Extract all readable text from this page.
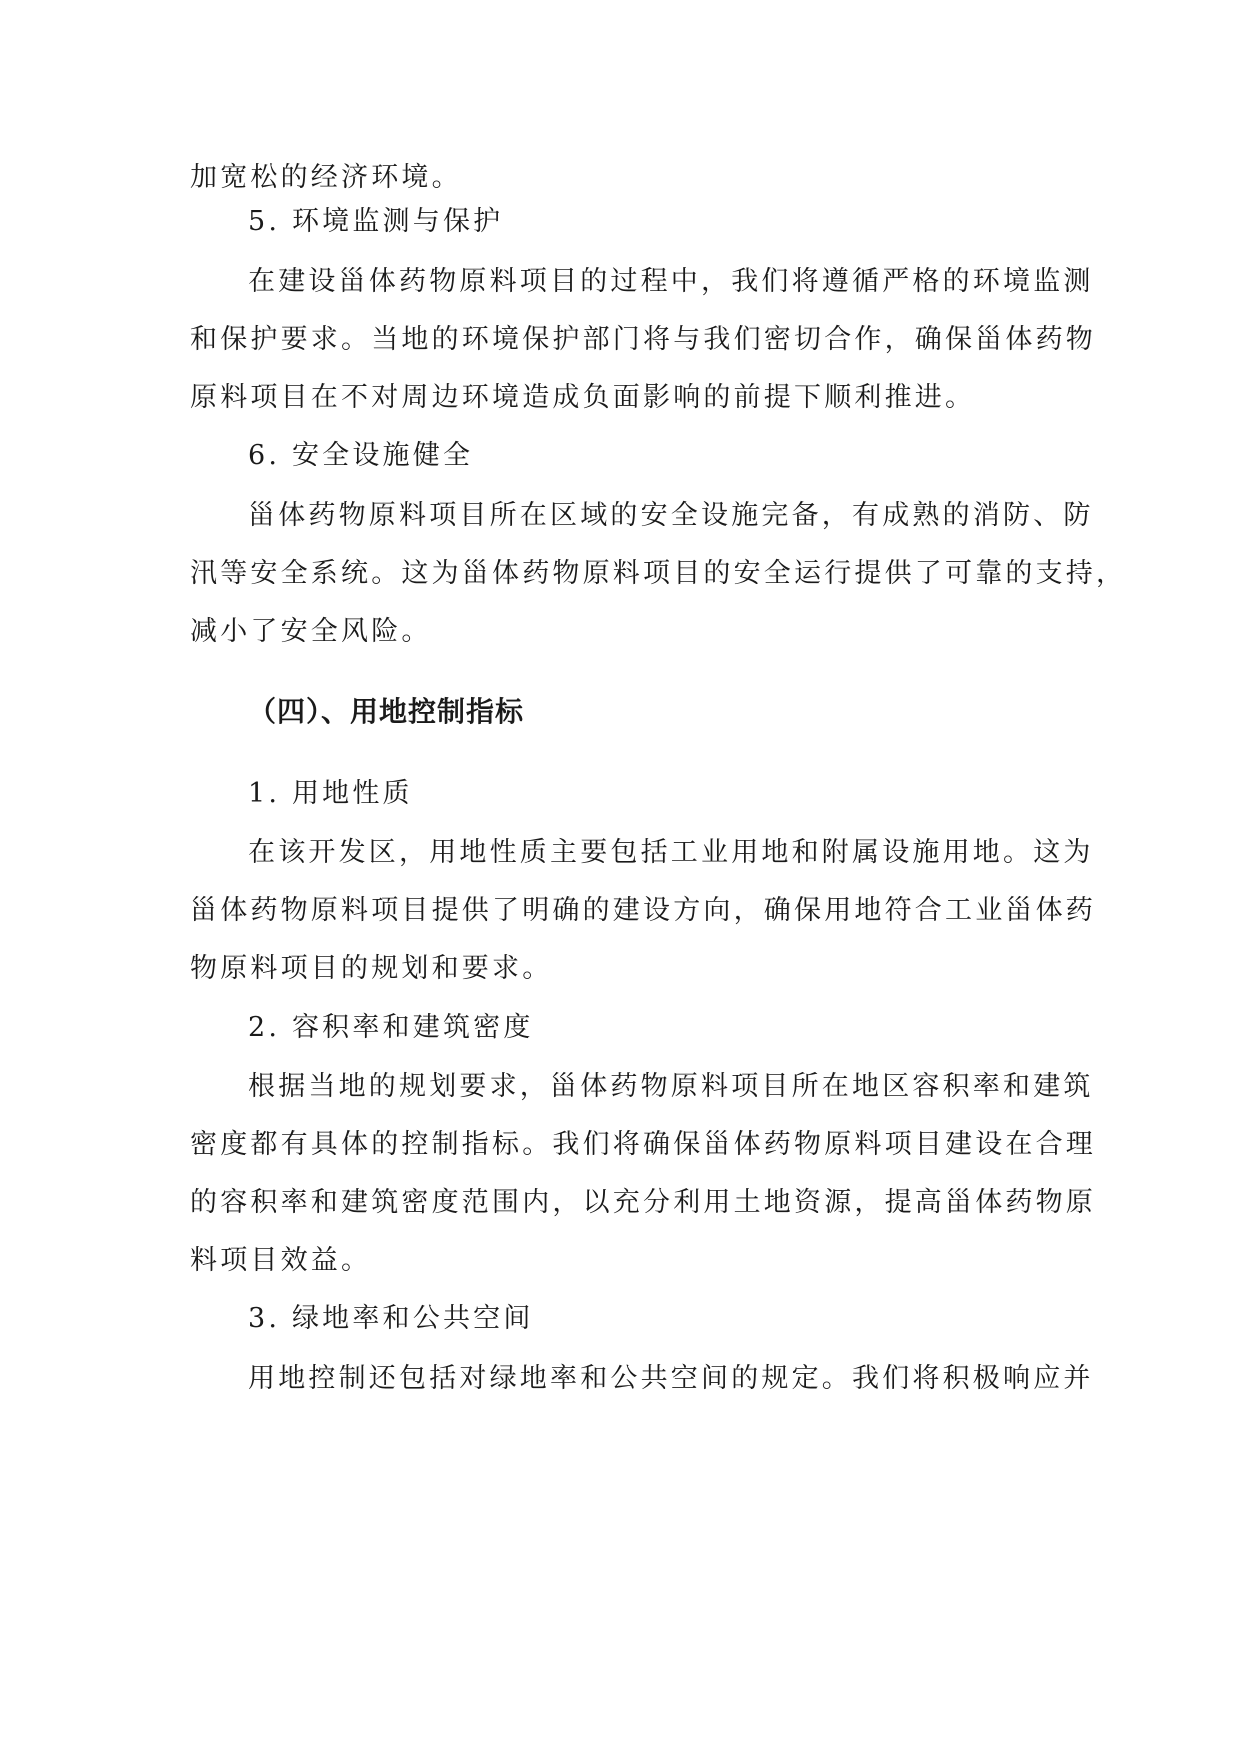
加宽松的经济环境。
5. 环境监测与保护
在建设甾体药物原料项目的过程中，我们将遵循严格的环境监测
和保护要求。当地的环境保护部门将与我们密切合作，确保甾体药物
原料项目在不对周边环境造成负面影响的前提下顺利推进。
6. 安全设施健全
甾体药物原料项目所在区域的安全设施完备，有成熟的消防、防
汛等安全系统。这为甾体药物原料项目的安全运行提供了可靠的支持，
减小了安全风险。
（四）、用地控制指标
1. 用地性质
在该开发区，用地性质主要包括工业用地和附属设施用地。这为
甾体药物原料项目提供了明确的建设方向，确保用地符合工业甾体药
物原料项目的规划和要求。
2. 容积率和建筑密度
根据当地的规划要求，甾体药物原料项目所在地区容积率和建筑
密度都有具体的控制指标。我们将确保甾体药物原料项目建设在合理
的容积率和建筑密度范围内，以充分利用土地资源，提高甾体药物原
料项目效益。
3. 绿地率和公共空间
用地控制还包括对绿地率和公共空间的规定。我们将积极响应并
